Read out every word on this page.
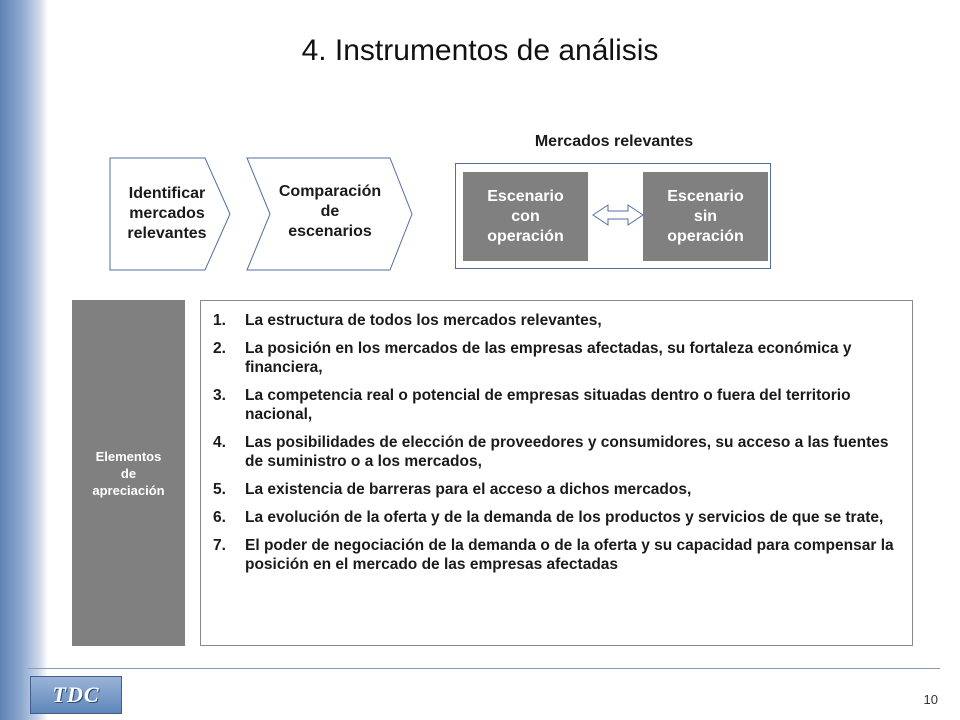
4. Instrumentos de análisis
Identificar
mercados
relevantes
Comparación
de
escenarios
Mercados relevantes
Escenario
con
operación
Escenario
sin
operación
Elementos
de
apreciación
1.	La estructura de todos los mercados relevantes,
2.	La posición en los mercados de las empresas afectadas, su fortaleza económica y financiera,
3.	La competencia real o potencial de empresas situadas dentro o fuera del territorio nacional,
4.	Las posibilidades de elección de proveedores y consumidores, su acceso a las fuentes de suministro o a los mercados,
5.	La existencia de barreras para el acceso a dichos mercados,
6.	La evolución de la oferta y de la demanda de los productos y servicios de que se trate,
7.	El poder de negociación de la demanda o de la oferta y su capacidad para compensar la posición en el mercado de las empresas afectadas
TDC	10
